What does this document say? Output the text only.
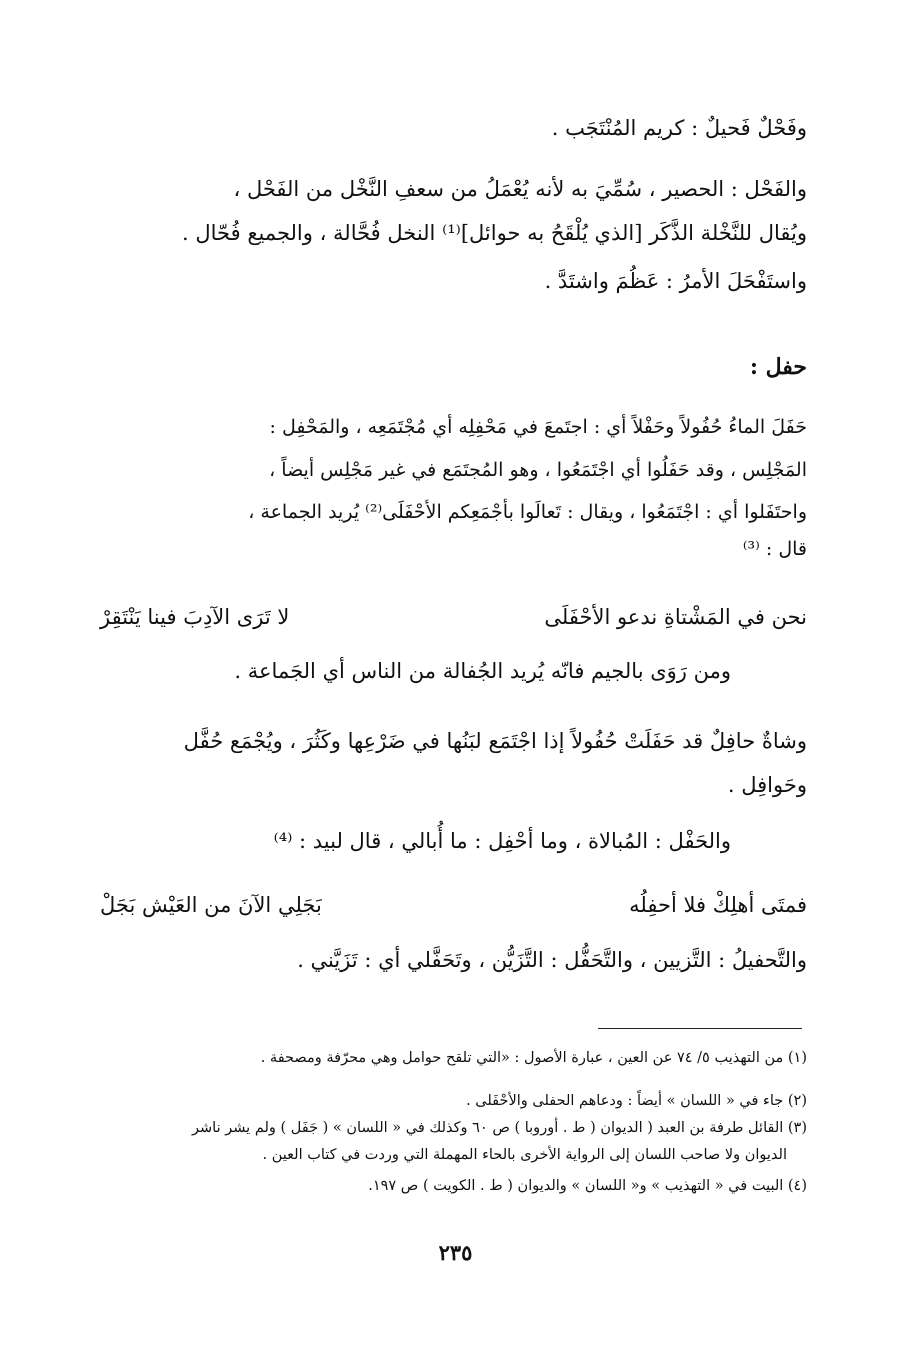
وفَحْلٌ فَحيلٌ : كريم المُنْتَجَب .
والفَحْل : الحصير ، سُمِّيَ به لأنه يُعْمَلُ من سعفِ النَّخْل من الفَحْل ،
ويُقال للنَّخْلة الذَّكَر [الذي يُلْقَحُ به حوائل]⁽¹⁾ النخل فُحَّالة ، والجميع فُحّال .
واستَفْحَلَ الأمرُ : عَظُمَ واشتَدَّ .
حفل :
حَفَلَ الماءُ حُفُولاً وحَفْلاً أي : اجتَمعَ في مَحْفِلِه أي مُجْتَمَعِه ، والمَحْفِل :
المَجْلِس ، وقد حَفَلُوا أي اجْتَمَعُوا ، وهو المُجتَمَع في غير مَجْلِس أيضاً ،
واحتَفَلوا أي : اجْتَمَعُوا ، ويقال : تَعالَوا بأجْمَعِكم الأحْفَلَى⁽²⁾ يُريد الجماعة ،
قال : ⁽³⁾
نحن في المَشْتاةِ ندعو الأحْفَلَى
لا تَرَى الآدِبَ فينا يَنْتَقِرْ
ومن رَوَى بالجيم فانّه يُريد الجُفالة من الناس أي الجَماعة .
وشاةٌ حافِلٌ قد حَفَلَتْ حُفُولاً إذا اجْتَمَع لبَنُها في ضَرْعِها وكَثُرَ ، ويُجْمَع حُفَّل
وحَوافِل .
والحَفْل : المُبالاة ، وما أحْفِل : ما أُبالي ، قال لبيد : ⁽⁴⁾
فمتَى أهلِكْ فلا أحفِلُه
بَجَلِي الآنَ من العَيْش بَجَلْ
والتَّحفيلُ : التَّزيين ، والتَّحَفُّل : التَّزَيُّن ، وتَحَفَّلي أي : تَزَيَّني .
(١) من التهذيب ٥/ ٧٤ عن العين ، عبارة الأصول : «التي تلقح حوامل وهي محرّفة ومصحفة .
(٢) جاء في « اللسان » أيضاً : ودعاهم الحفلى والأحْفَلى .
(٣) القائل طرفة بن العبد ( الديوان ( ط . أوروبا ) ص ٦٠ وكذلك في « اللسان » ( جَفَل ) ولم يشر ناشر
الديوان ولا صاحب اللسان إلى الرواية الأخرى بالحاء المهملة التي وردت في كتاب العين .
(٤) البيت في « التهذيب » و« اللسان » والديوان ( ط . الكويت ) ص ١٩٧.
٢٣٥
